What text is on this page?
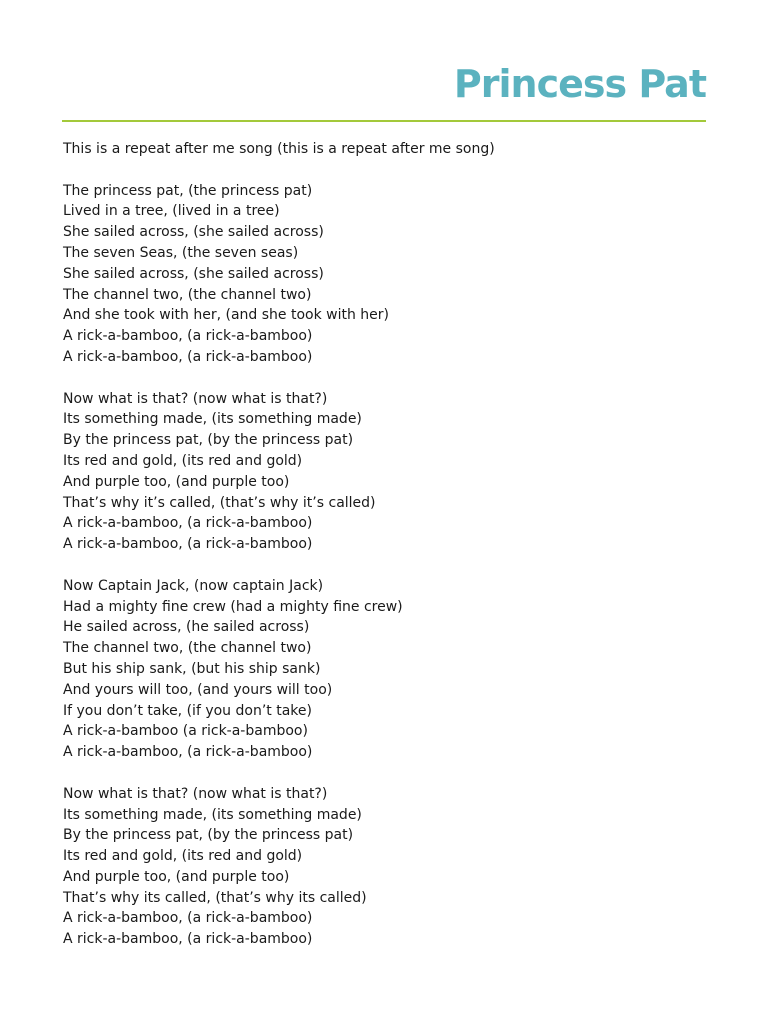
Princess Pat
This is a repeat after me song (this is a repeat after me song)
The princess pat, (the princess pat)
Lived in a tree, (lived in a tree)
She sailed across, (she sailed across)
The seven Seas, (the seven seas)
She sailed across, (she sailed across)
The channel two, (the channel two)
And she took with her, (and she took with her)
A rick-a-bamboo, (a rick-a-bamboo)
A rick-a-bamboo, (a rick-a-bamboo)
Now what is that? (now what is that?)
Its something made, (its something made)
By the princess pat, (by the princess pat)
Its red and gold, (its red and gold)
And purple too, (and purple too)
That’s why it’s called, (that’s why it’s called)
A rick-a-bamboo, (a rick-a-bamboo)
A rick-a-bamboo, (a rick-a-bamboo)
Now Captain Jack, (now captain Jack)
Had a mighty fine crew (had a mighty fine crew)
He sailed across, (he sailed across)
The channel two, (the channel two)
But his ship sank, (but his ship sank)
And yours will too, (and yours will too)
If you don’t take, (if you don’t take)
A rick-a-bamboo (a rick-a-bamboo)
A rick-a-bamboo, (a rick-a-bamboo)
Now what is that? (now what is that?)
Its something made, (its something made)
By the princess pat, (by the princess pat)
Its red and gold, (its red and gold)
And purple too, (and purple too)
That’s why its called, (that’s why its called)
A rick-a-bamboo, (a rick-a-bamboo)
A rick-a-bamboo, (a rick-a-bamboo)
